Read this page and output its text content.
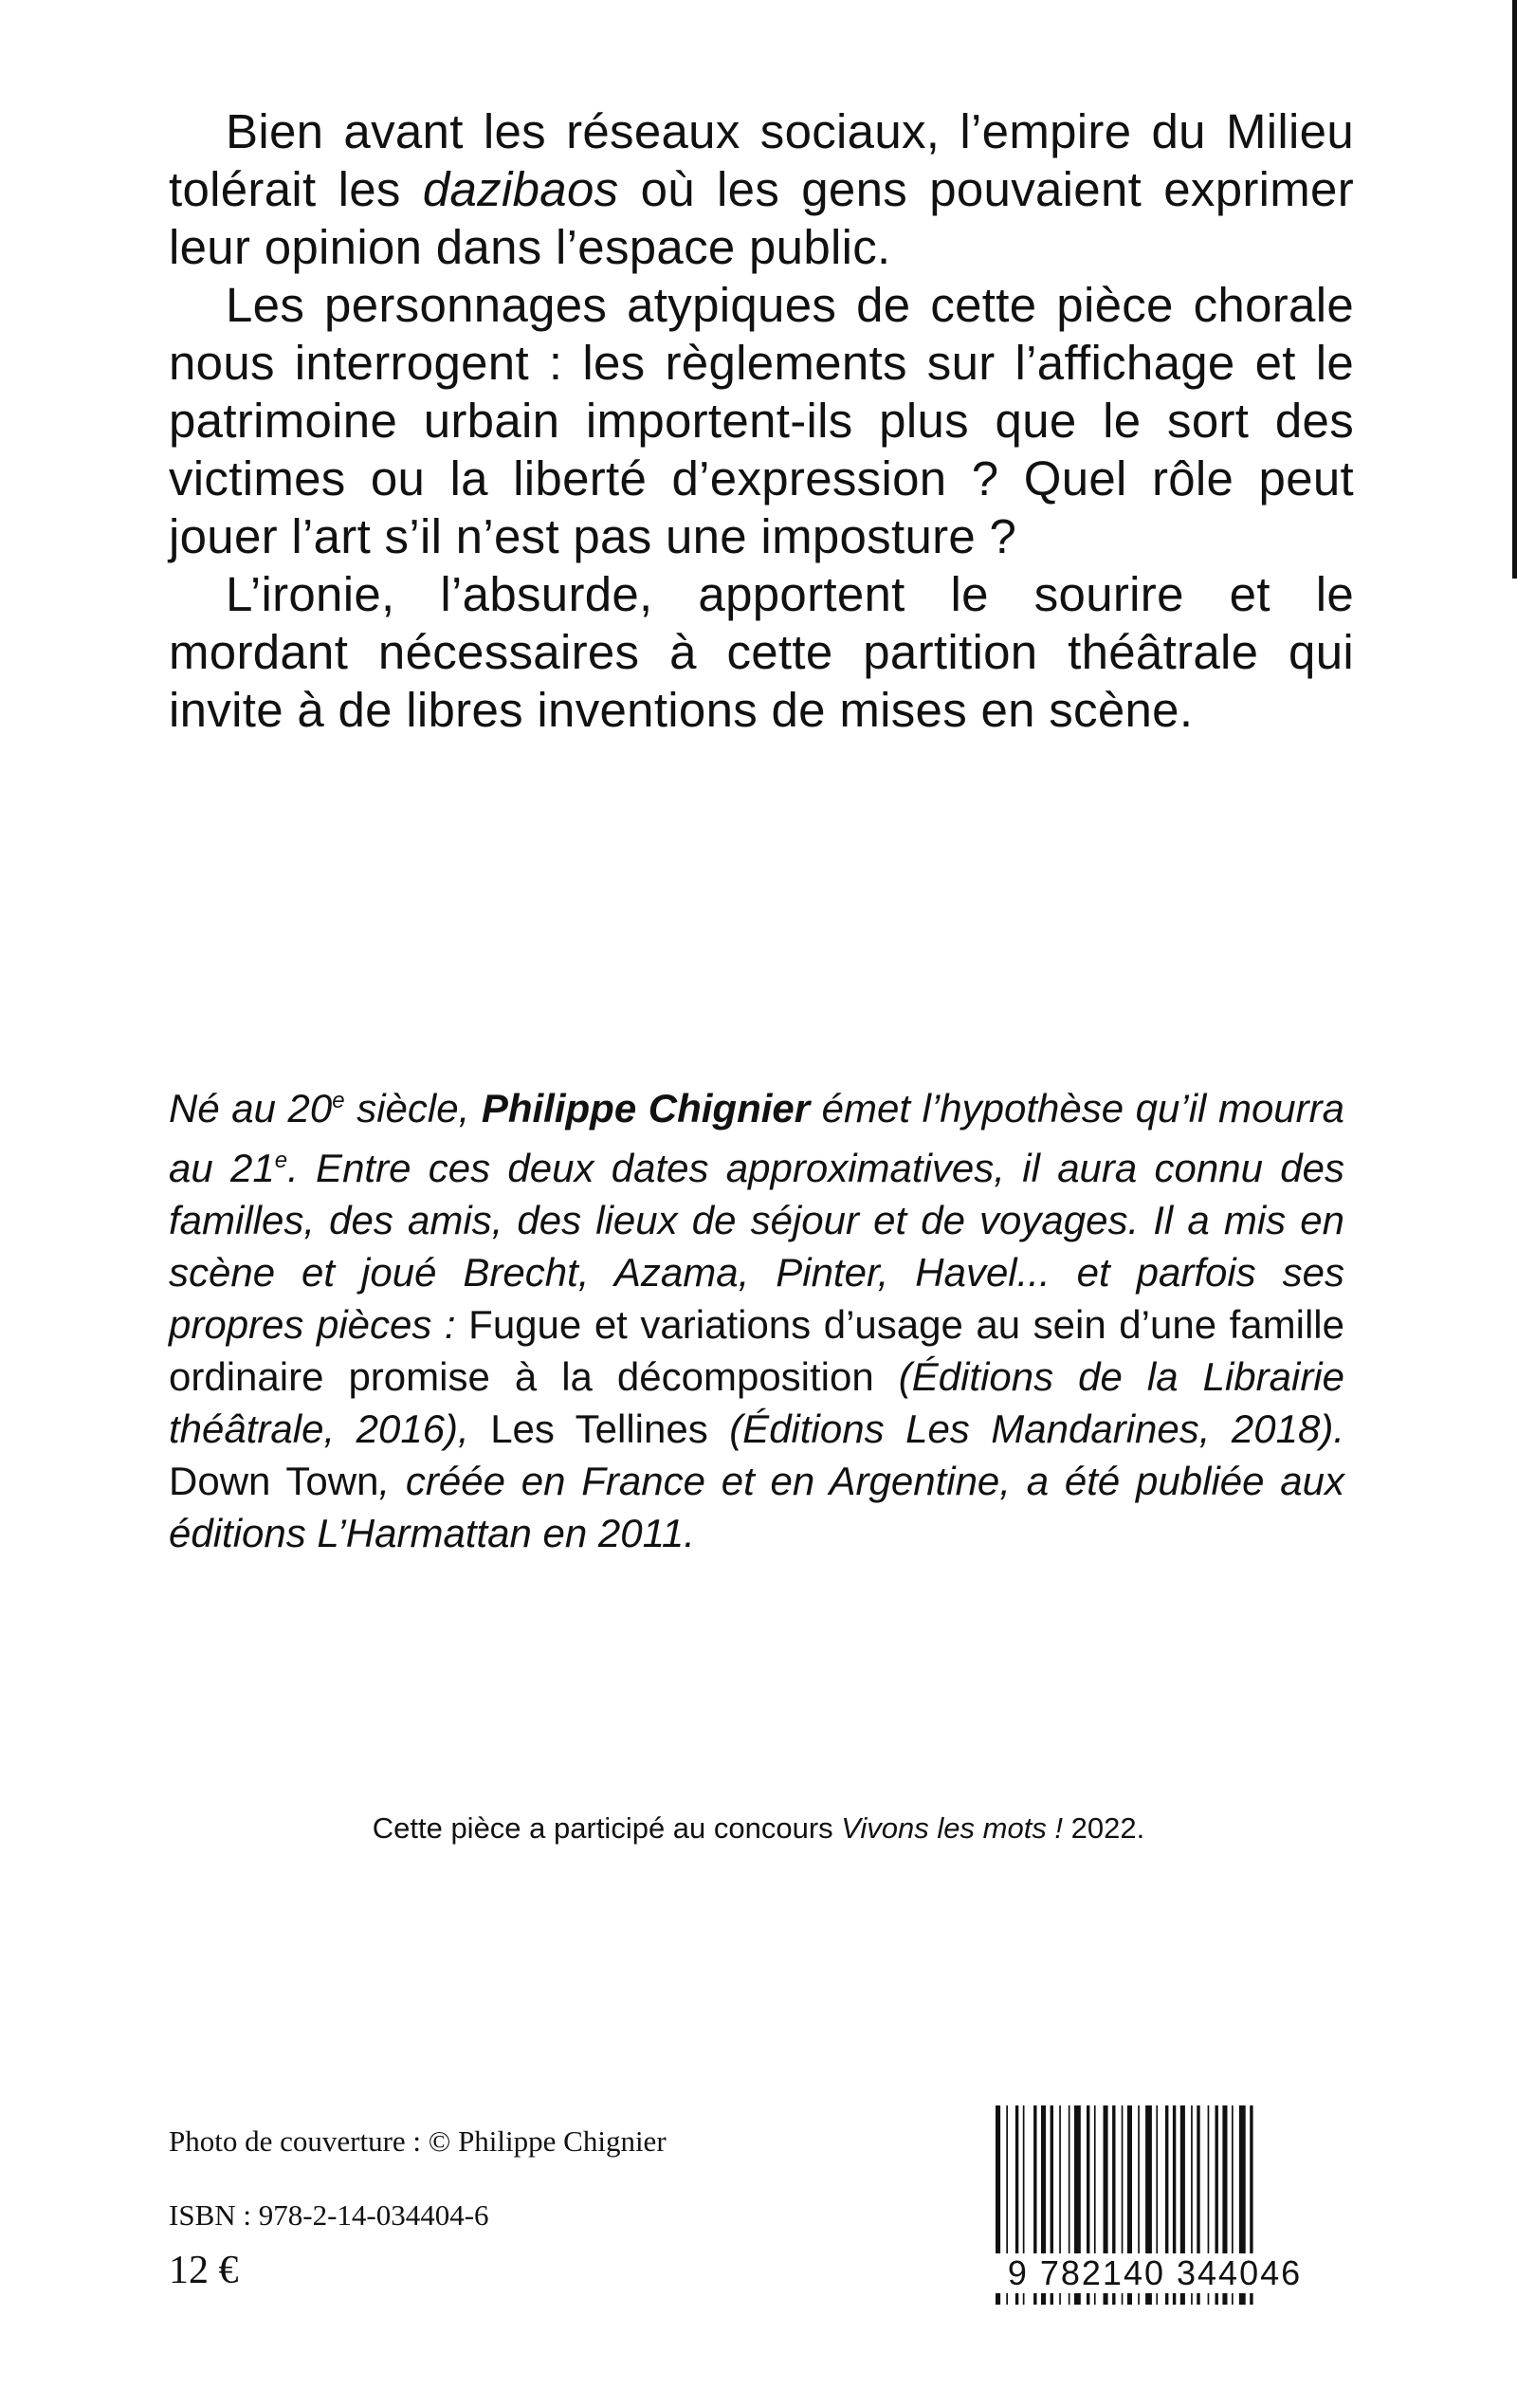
Bien avant les réseaux sociaux, l’empire du Milieu tolérait les dazibaos où les gens pouvaient exprimer leur opinion dans l’espace public.

Les personnages atypiques de cette pièce chorale nous interrogent : les règlements sur l’affichage et le patrimoine urbain importent-ils plus que le sort des victimes ou la liberté d’expression ? Quel rôle peut jouer l’art s’il n’est pas une imposture ?

L’ironie, l’absurde, apportent le sourire et le mordant nécessaires à cette partition théâtrale qui invite à de libres inventions de mises en scène.

Né au 20e siècle, Philippe Chignier émet l’hypothèse qu’il mourra au 21e. Entre ces deux dates approximatives, il aura connu des familles, des amis, des lieux de séjour et de voyages. Il a mis en scène et joué Brecht, Azama, Pinter, Havel... et parfois ses propres pièces : Fugue et variations d’usage au sein d’une famille ordinaire promise à la décomposition (Éditions de la Librairie théâtrale, 2016), Les Tellines (Éditions Les Mandarines, 2018). Down Town, créée en France et en Argentine, a été publiée aux éditions L’Harmattan en 2011.

Cette pièce a participé au concours Vivons les mots ! 2022.
Photo de couverture : © Philippe Chignier
ISBN : 978-2-14-034404-6
12 €	9 782140 344046
